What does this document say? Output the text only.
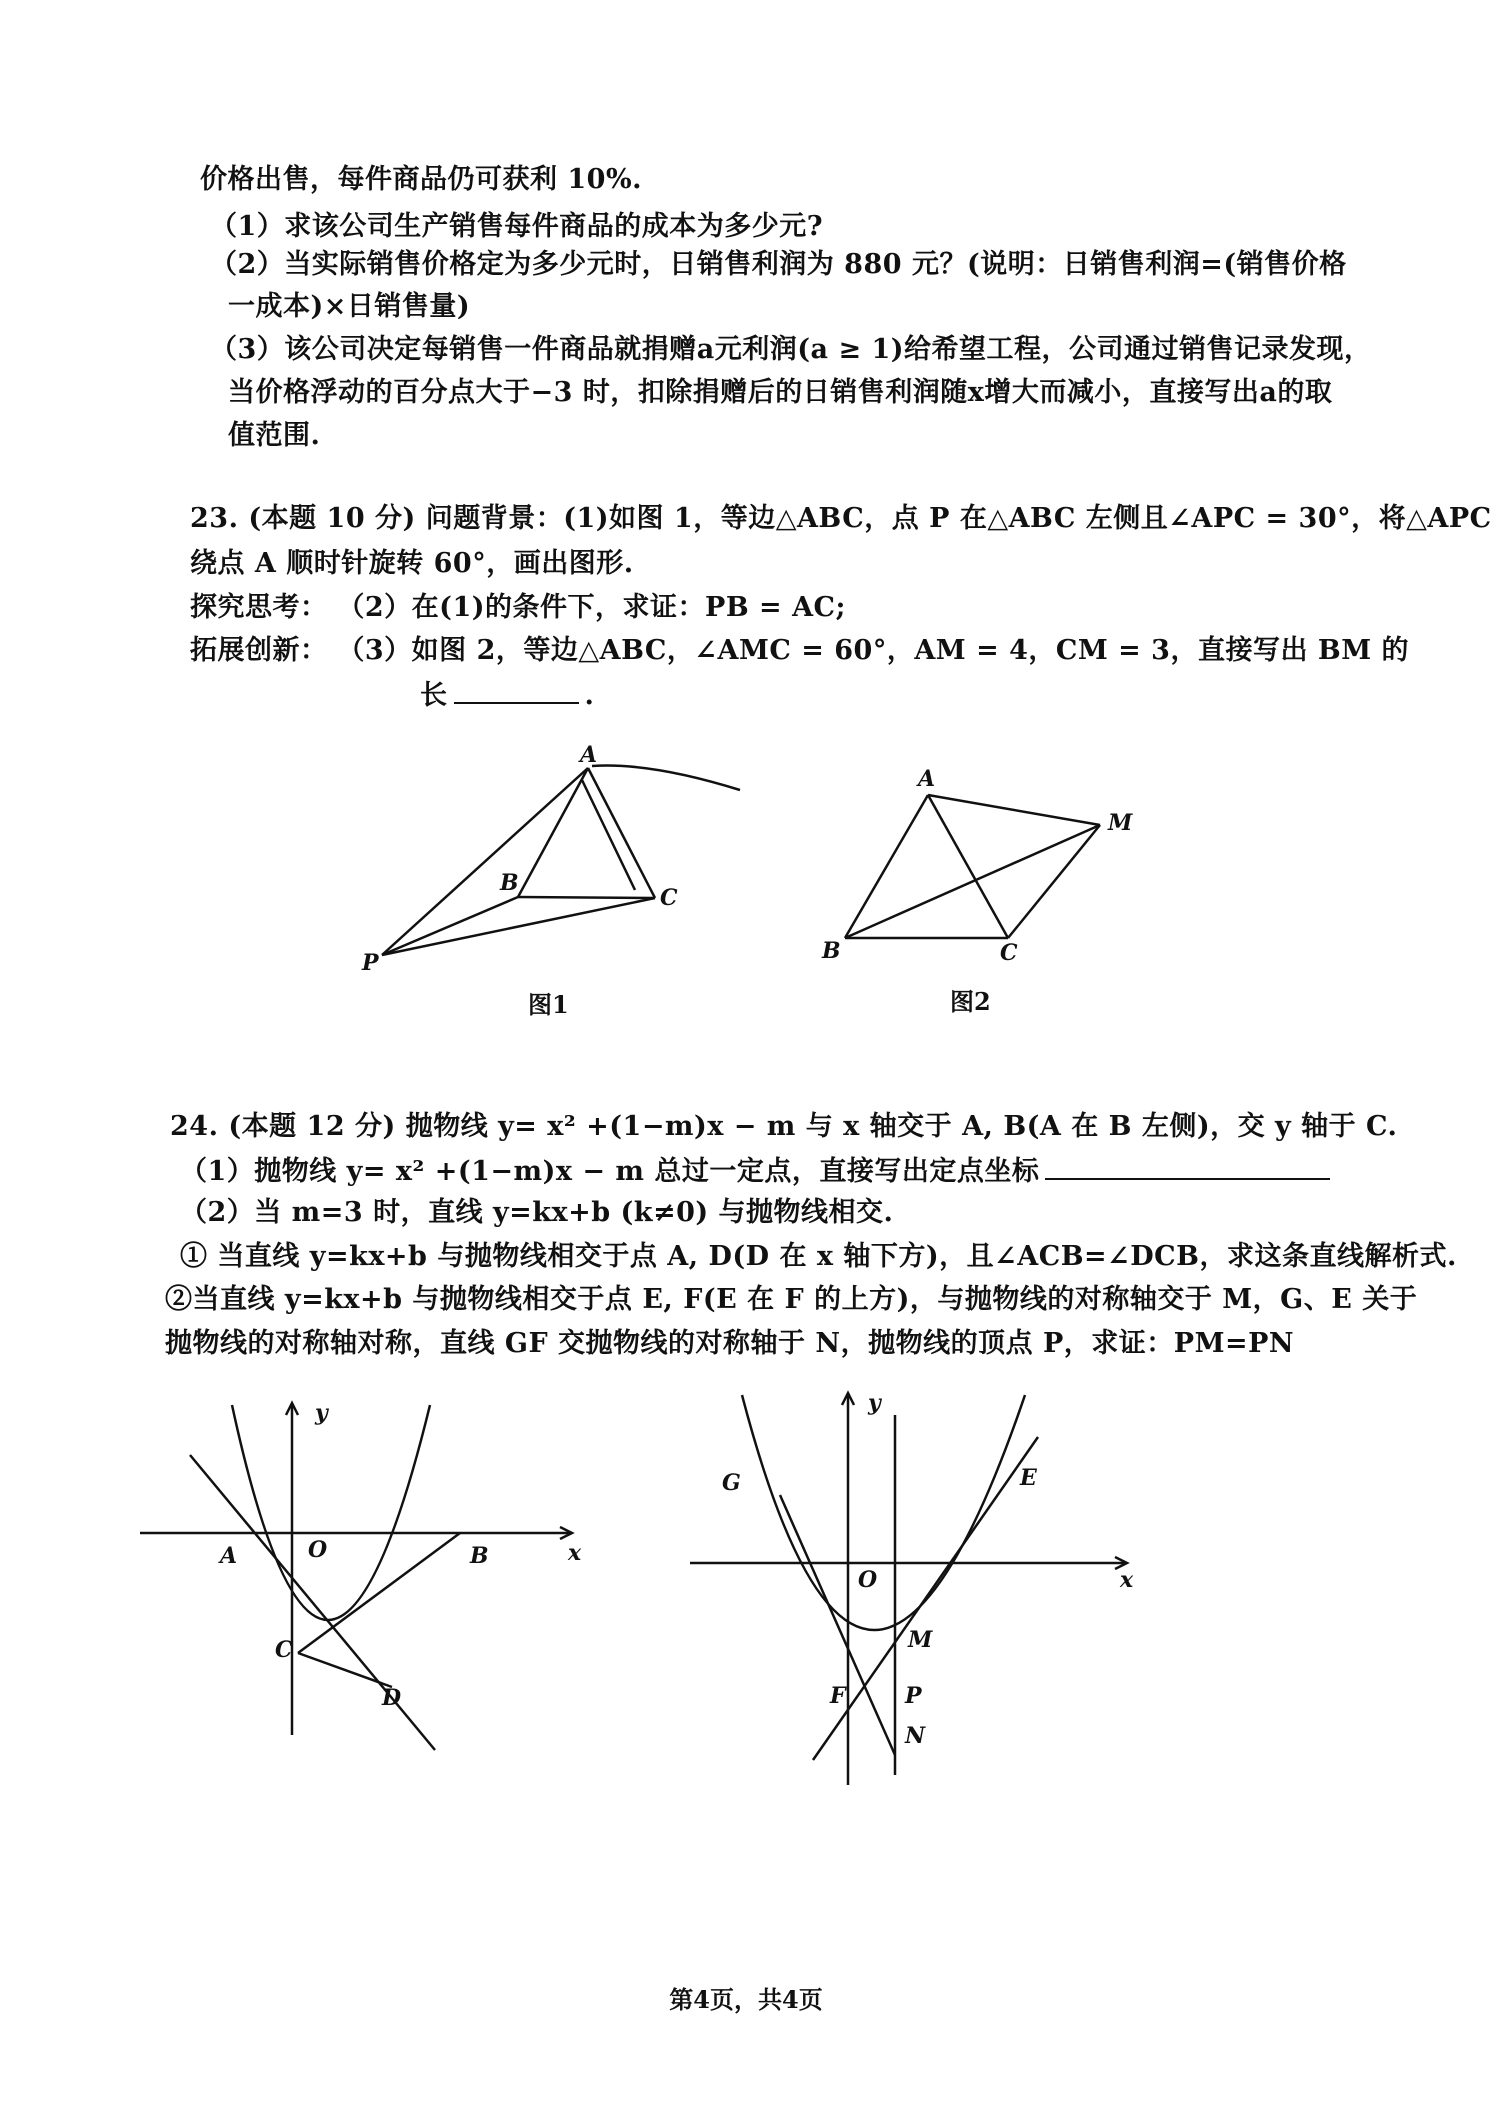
价格出售，每件商品仍可获利 10%.
（1）求该公司生产销售每件商品的成本为多少元?
（2）当实际销售价格定为多少元时，日销售利润为 880 元？(说明：日销售利润=(销售价格
一成本)×日销售量)
（3）该公司决定每销售一件商品就捐赠a元利润(a ≥ 1)给希望工程，公司通过销售记录发现，
当价格浮动的百分点大于−3 时，扣除捐赠后的日销售利润随x增大而减小，直接写出a的取
值范围.
23. (本题 10 分) 问题背景：(1)如图 1，等边△ABC，点 P 在△ABC 左侧且∠APC = 30°，将△APC
绕点 A 顺时针旋转 60°，画出图形.
探究思考： （2）在(1)的条件下，求证：PB = AC;
拓展创新： （3）如图 2，等边△ABC，∠AMC = 60°，AM = 4，CM = 3，直接写出 BM 的
长	.
A
B
C
P
图1
A
B	C
M
图2
24. (本题 12 分) 抛物线 y= x² +(1−m)x − m 与 x 轴交于 A, B(A 在 B 左侧)，交 y 轴于 C.
（1）抛物线 y= x² +(1−m)x − m 总过一定点，直接写出定点坐标
（2）当 m=3 时，直线 y=kx+b (k≠0) 与抛物线相交.
① 当直线 y=kx+b 与抛物线相交于点 A, D(D 在 x 轴下方)，且∠ACB=∠DCB，求这条直线解析式.
②当直线 y=kx+b 与抛物线相交于点 E, F(E 在 F 的上方)，与抛物线的对称轴交于 M，G、E 关于
抛物线的对称轴对称，直线 GF 交抛物线的对称轴于 N，抛物线的顶点 P，求证：PM=PN
y
x
O
A	B
C
D
y
x
O
G	E
M
P
F
N
第4页，共4页
